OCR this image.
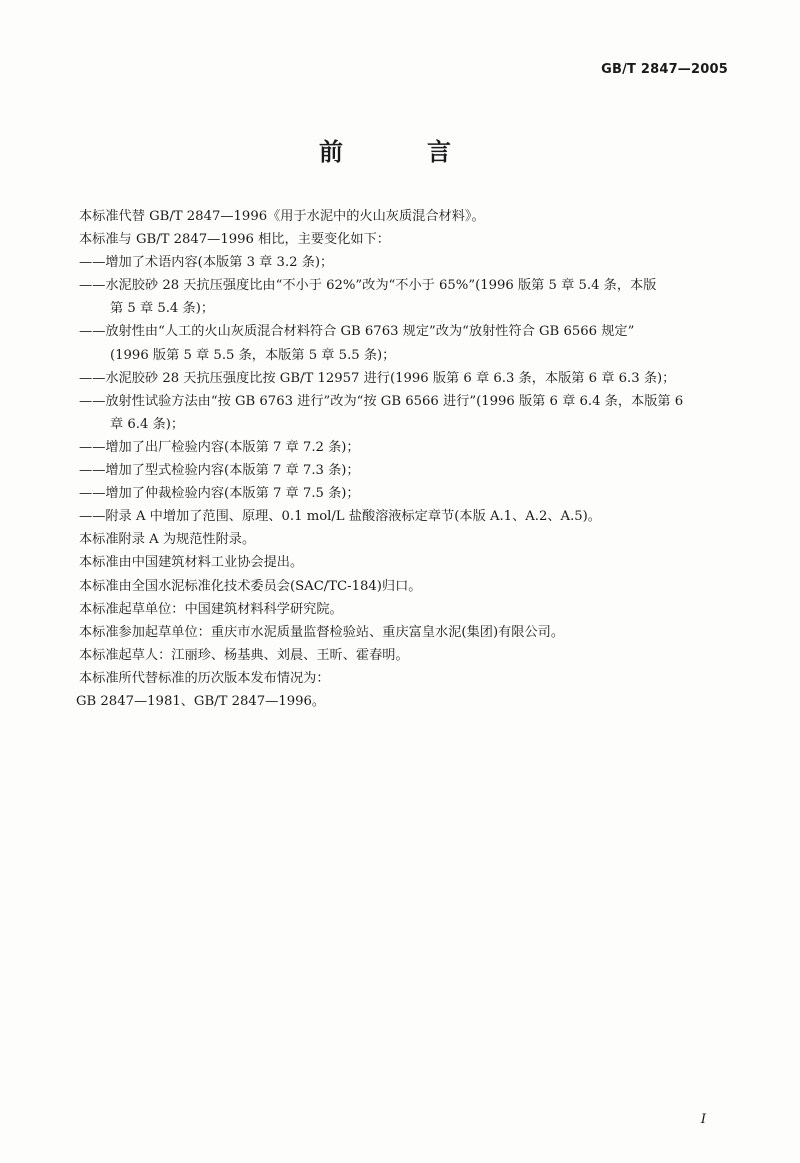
GB/T 2847—2005
前　言
本标准代替 GB/T 2847—1996《用于水泥中的火山灰质混合材料》。
本标准与 GB/T 2847—1996 相比，主要变化如下：
——增加了术语内容(本版第 3 章 3.2 条)；
——水泥胶砂 28 天抗压强度比由“不小于 62%”改为“不小于 65%”(1996 版第 5 章 5.4 条，本版
第 5 章 5.4 条)；
——放射性由“人工的火山灰质混合材料符合 GB 6763 规定”改为“放射性符合 GB 6566 规定”
(1996 版第 5 章 5.5 条，本版第 5 章 5.5 条)；
——水泥胶砂 28 天抗压强度比按 GB/T 12957 进行(1996 版第 6 章 6.3 条，本版第 6 章 6.3 条)；
——放射性试验方法由“按 GB 6763 进行”改为“按 GB 6566 进行”(1996 版第 6 章 6.4 条，本版第 6
章 6.4 条)；
——增加了出厂检验内容(本版第 7 章 7.2 条)；
——增加了型式检验内容(本版第 7 章 7.3 条)；
——增加了仲裁检验内容(本版第 7 章 7.5 条)；
——附录 A 中增加了范围、原理、0.1 mol/L 盐酸溶液标定章节(本版 A.1、A.2、A.5)。
本标准附录 A 为规范性附录。
本标准由中国建筑材料工业协会提出。
本标准由全国水泥标准化技术委员会(SAC/TC-184)归口。
本标准起草单位：中国建筑材料科学研究院。
本标准参加起草单位：重庆市水泥质量监督检验站、重庆富皇水泥(集团)有限公司。
本标准起草人：江丽珍、杨基典、刘晨、王昕、霍春明。
本标准所代替标准的历次版本发布情况为：
GB 2847—1981、GB/T 2847—1996。
I
